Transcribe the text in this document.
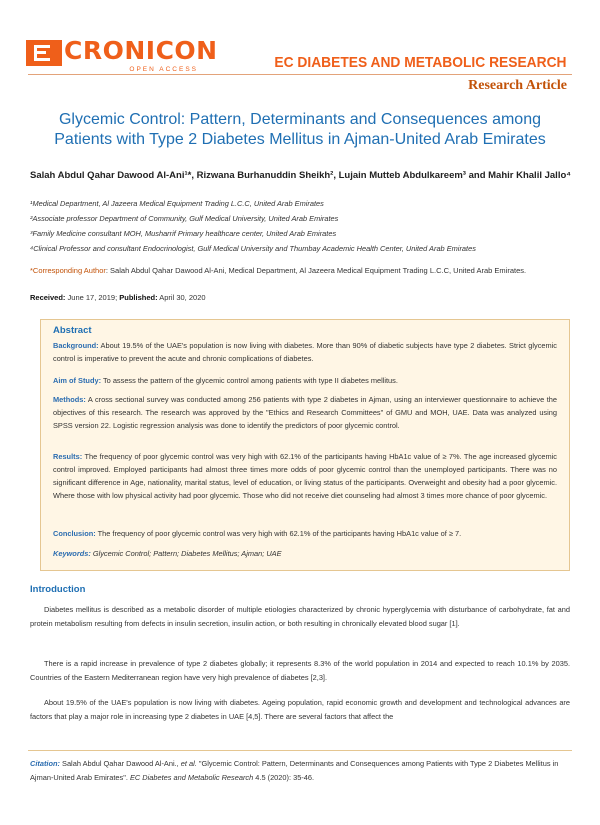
CRONICON
OPEN ACCESS	EC DIABETES AND METABOLIC RESEARCH
Research Article
Glycemic Control: Pattern, Determinants and Consequences among Patients with Type 2 Diabetes Mellitus in Ajman-United Arab Emirates
Salah Abdul Qahar Dawood Al-Ani¹*, Rizwana Burhanuddin Sheikh², Lujain Mutteb Abdulkareem³ and Mahir Khalil Jallo⁴
¹Medical Department, Al Jazeera Medical Equipment Trading L.C.C, United Arab Emirates
²Associate professor Department of Community, Gulf Medical University, United Arab Emirates
³Family Medicine consultant MOH, Musharrif Primary healthcare center, United Arab Emirates
⁴Clinical Professor and consultant Endocrinologist, Gulf Medical University and Thumbay Academic Health Center, United Arab Emirates
*Corresponding Author: Salah Abdul Qahar Dawood Al-Ani, Medical Department, Al Jazeera Medical Equipment Trading L.C.C, United Arab Emirates.
Received: June 17, 2019; Published: April 30, 2020
Abstract
Background: About 19.5% of the UAE's population is now living with diabetes. More than 90% of diabetic subjects have type 2 diabetes. Strict glycemic control is imperative to prevent the acute and chronic complications of diabetes.
Aim of Study: To assess the pattern of the glycemic control among patients with type II diabetes mellitus.
Methods: A cross sectional survey was conducted among 256 patients with type 2 diabetes in Ajman, using an interviewer questionnaire to achieve the objectives of this research. The research was approved by the "Ethics and Research Committees" of GMU and MOH, UAE. Data was analyzed using SPSS version 22. Logistic regression analysis was done to identify the predictors of poor glycemic control.
Results: The frequency of poor glycemic control was very high with 62.1% of the participants having HbA1c value of ≥ 7%. The age increased glycemic control improved. Employed participants had almost three times more odds of poor glycemic control than the unemployed participants. There was no significant difference in Age, nationality, marital status, level of education, or living status of the participants. Overweight and obesity had a poor glycemic. Where those with low physical activity had poor glycemic. Those who did not receive diet counseling had almost 3 times more chance of poor glycemic.
Conclusion: The frequency of poor glycemic control was very high with 62.1% of the participants having HbA1c value of ≥ 7.
Keywords: Glycemic Control; Pattern; Diabetes Mellitus; Ajman; UAE
Introduction
Diabetes mellitus is described as a metabolic disorder of multiple etiologies characterized by chronic hyperglycemia with disturbance of carbohydrate, fat and protein metabolism resulting from defects in insulin secretion, insulin action, or both resulting in chronically elevated blood sugar [1].
There is a rapid increase in prevalence of type 2 diabetes globally; it represents 8.3% of the world population in 2014 and expected to reach 10.1% by 2035. Countries of the Eastern Mediterranean region have very high prevalence of diabetes [2,3].
About 19.5% of the UAE's population is now living with diabetes. Ageing population, rapid economic growth and development and technological advances are factors that play a major role in increasing type 2 diabetes in UAE [4,5]. There are several factors that affect the
Citation: Salah Abdul Qahar Dawood Al-Ani., et al. "Glycemic Control: Pattern, Determinants and Consequences among Patients with Type 2 Diabetes Mellitus in Ajman-United Arab Emirates". EC Diabetes and Metabolic Research 4.5 (2020): 35-46.
